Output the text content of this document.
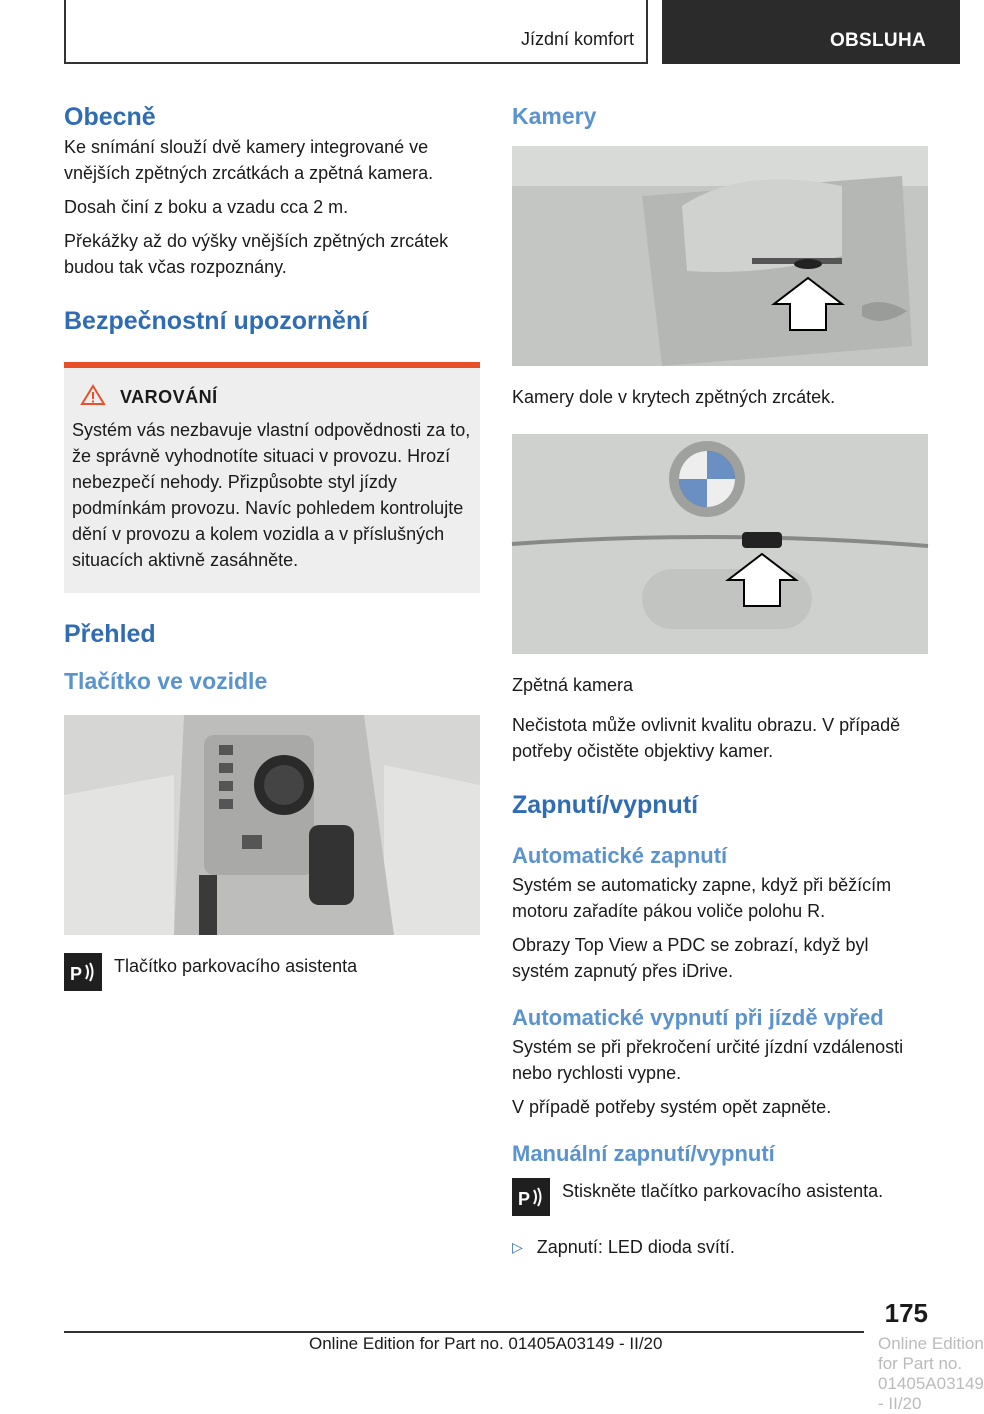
Jízdní komfort	OBSLUHA
Obecně

Ke snímání slouží dvě kamery integrované ve vnějších zpětných zrcátkách a zpětná kamera.

Dosah činí z boku a vzadu cca 2 m.

Překážky až do výšky vnějších zpětných zrcátek budou tak včas rozpoznány.

Bezpečnostní upozornění
VAROVÁNÍ

Systém vás nezbavuje vlastní odpovědnosti za to, že správně vyhodnotíte situaci v provozu. Hrozí nebezpečí nehody. Přizpůsobte styl jízdy podmínkám provozu. Navíc pohledem kontrolujte dění v provozu a kolem vozidla a v příslušných situacích aktivně zasáhněte.

Přehled
Tlačítko ve vozidle
P Tlačítko parkovacího asistenta

Kamery

Kamery dole v krytech zpětných zrcátek.

Zpětná kamera

Nečistota může ovlivnit kvalitu obrazu. V případě potřeby očistěte objektivy kamer.

Zapnutí/vypnutí
Automatické zapnutí

Systém se automaticky zapne, když při běžícím motoru zařadíte pákou voliče polohu R.

Obrazy Top View a PDC se zobrazí, když byl systém zapnutý přes iDrive.

Automatické vypnutí při jízdě vpřed

Systém se při překročení určité jízdní vzdálenosti nebo rychlosti vypne.

V případě potřeby systém opět zapněte.

Manuální zapnutí/vypnutí
P Stiskněte tlačítko parkovacího asistenta.

▷ Zapnutí: LED dioda svítí.

175
Online Edition for Part no. 01405A03149 - II/20	Online Edition for Part no. 01405A03149 - II/20
